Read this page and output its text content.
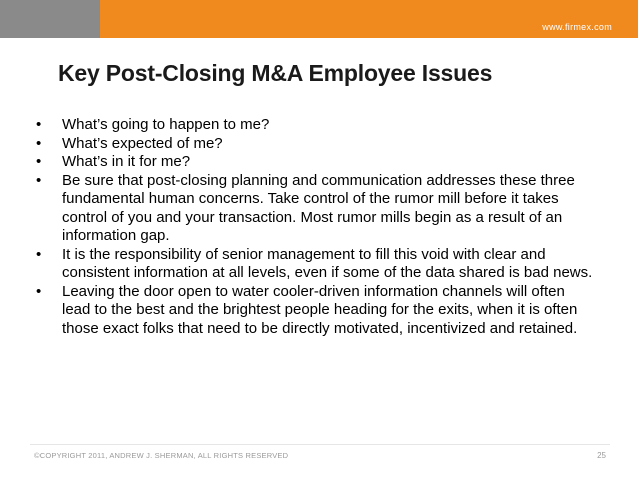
www.firmex.com
Key Post-Closing M&A Employee Issues
• What’s going to happen to me?
• What’s expected of me?
• What’s in it for me?
• Be sure that post-closing planning and communication addresses these three fundamental human concerns. Take control of the rumor mill before it takes control of you and your transaction. Most rumor mills begin as a result of an information gap.
• It is the responsibility of senior management to fill this void with clear and consistent information at all levels, even if some of the data shared is bad news.
• Leaving the door open to water cooler-driven information channels will often lead to the best and the brightest people heading for the exits, when it is often those exact folks that need to be directly motivated, incentivized and retained.
©COPYRIGHT 2011, ANDREW J. SHERMAN, ALL RIGHTS RESERVED	25
